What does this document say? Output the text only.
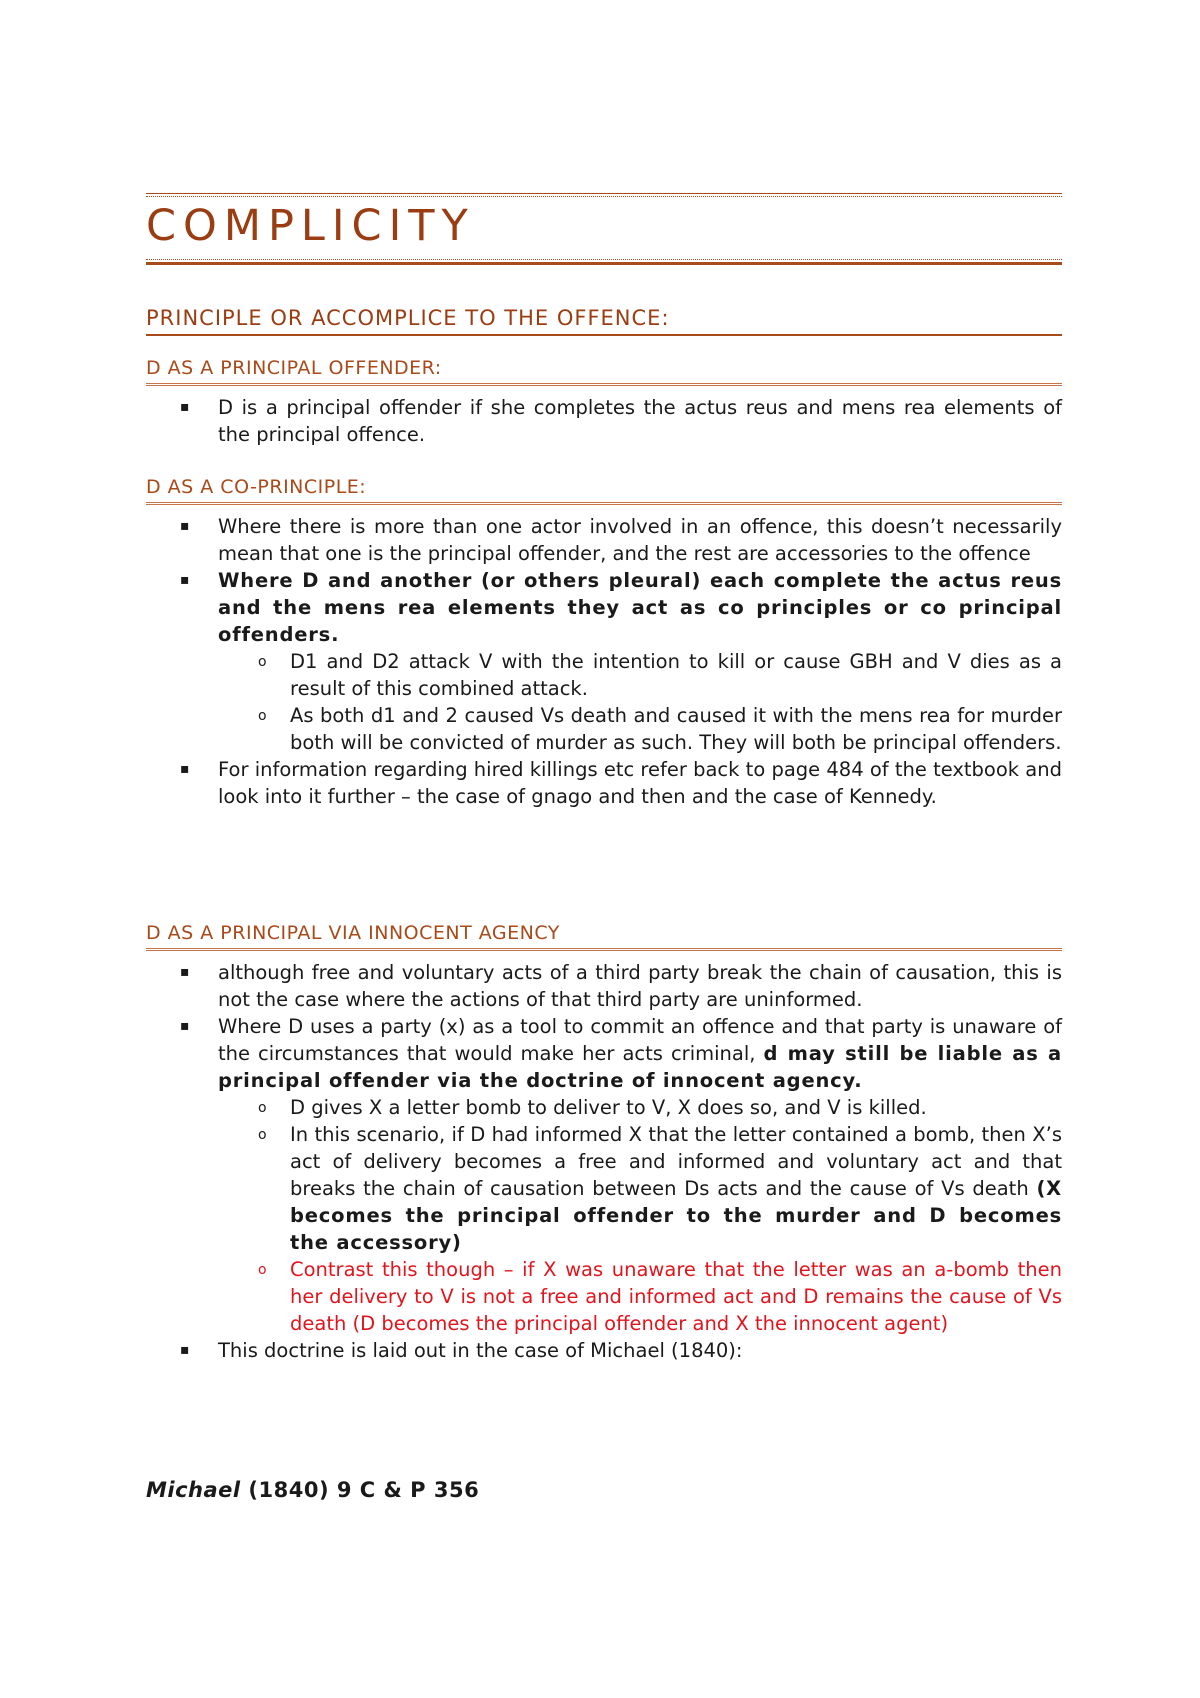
COMPLICITY
PRINCIPLE OR ACCOMPLICE TO THE OFFENCE:
D AS A PRINCIPAL OFFENDER:
▪ D is a principal offender if she completes the actus reus and mens rea elements of the principal offence.
D AS A CO-PRINCIPLE:
▪ Where there is more than one actor involved in an offence, this doesn’t necessarily mean that one is the principal offender, and the rest are accessories to the offence
▪ Where D and another (or others pleural) each complete the actus reus and the mens rea elements they act as co principles or co principal offenders.
o D1 and D2 attack V with the intention to kill or cause GBH and V dies as a result of this combined attack.
o As both d1 and 2 caused Vs death and caused it with the mens rea for murder both will be convicted of murder as such. They will both be principal offenders.
▪ For information regarding hired killings etc refer back to page 484 of the textbook and look into it further – the case of gnago and then and the case of Kennedy.
D AS A PRINCIPAL VIA INNOCENT AGENCY
▪ although free and voluntary acts of a third party break the chain of causation, this is not the case where the actions of that third party are uninformed.
▪ Where D uses a party (x) as a tool to commit an offence and that party is unaware of the circumstances that would make her acts criminal, d may still be liable as a principal offender via the doctrine of innocent agency.
o D gives X a letter bomb to deliver to V, X does so, and V is killed.
o In this scenario, if D had informed X that the letter contained a bomb, then X’s act of delivery becomes a free and informed and voluntary act and that breaks the chain of causation between Ds acts and the cause of Vs death (X becomes the principal offender to the murder and D becomes the accessory)
o Contrast this though – if X was unaware that the letter was an a-bomb then her delivery to V is not a free and informed act and D remains the cause of Vs death (D becomes the principal offender and X the innocent agent)
▪ This doctrine is laid out in the case of Michael (1840):
Michael (1840) 9 C & P 356
